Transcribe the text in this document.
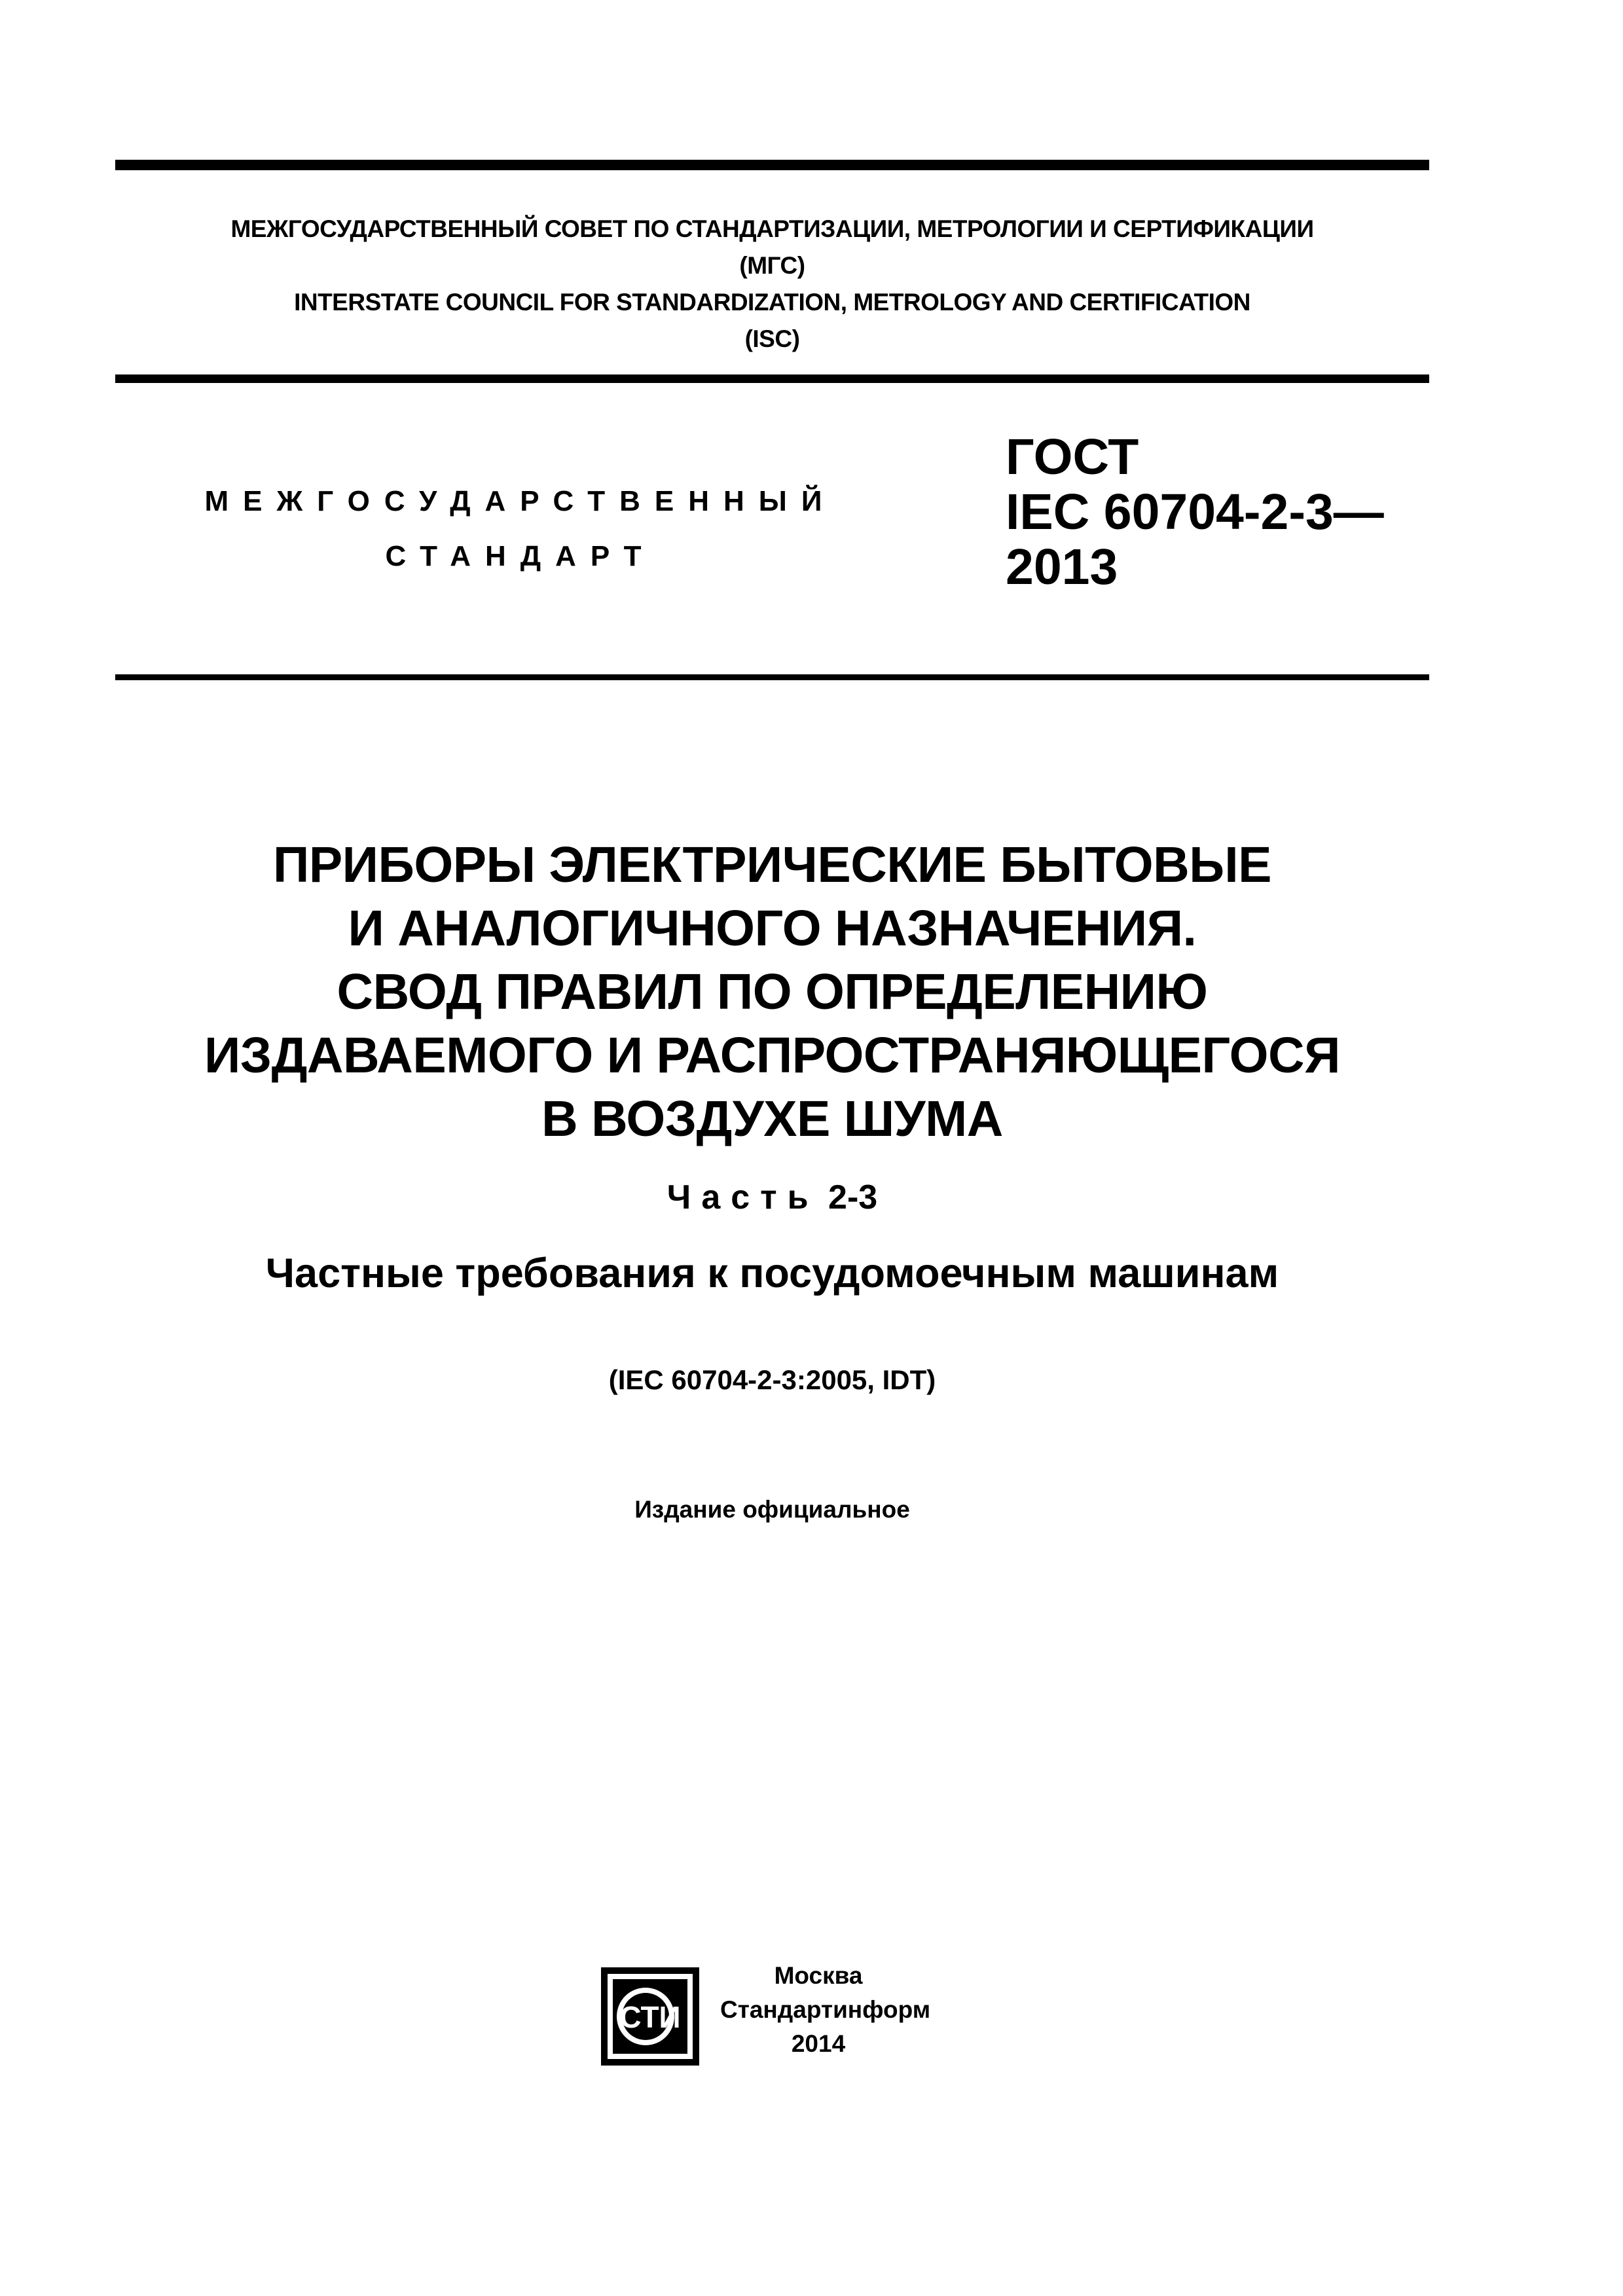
МЕЖГОСУДАРСТВЕННЫЙ СОВЕТ ПО СТАНДАРТИЗАЦИИ, МЕТРОЛОГИИ И СЕРТИФИКАЦИИ
(МГС)
INTERSTATE COUNCIL FOR STANDARDIZATION, METROLOGY AND CERTIFICATION
(ISC)
МЕЖГОСУДАРСТВЕННЫЙ
СТАНДАРТ
ГОСТ
IEC 60704-2-3—
2013
ПРИБОРЫ ЭЛЕКТРИЧЕСКИЕ БЫТОВЫЕ
И АНАЛОГИЧНОГО НАЗНАЧЕНИЯ.
СВОД ПРАВИЛ ПО ОПРЕДЕЛЕНИЮ
ИЗДАВАЕМОГО И РАСПРОСТРАНЯЮЩЕГОСЯ
В ВОЗДУХЕ ШУМА
Часть 2-3
Частные требования к посудомоечным машинам
(IEC 60704-2-3:2005, IDT)
Издание официальное
СТИ
Москва
Стандартинформ
2014
